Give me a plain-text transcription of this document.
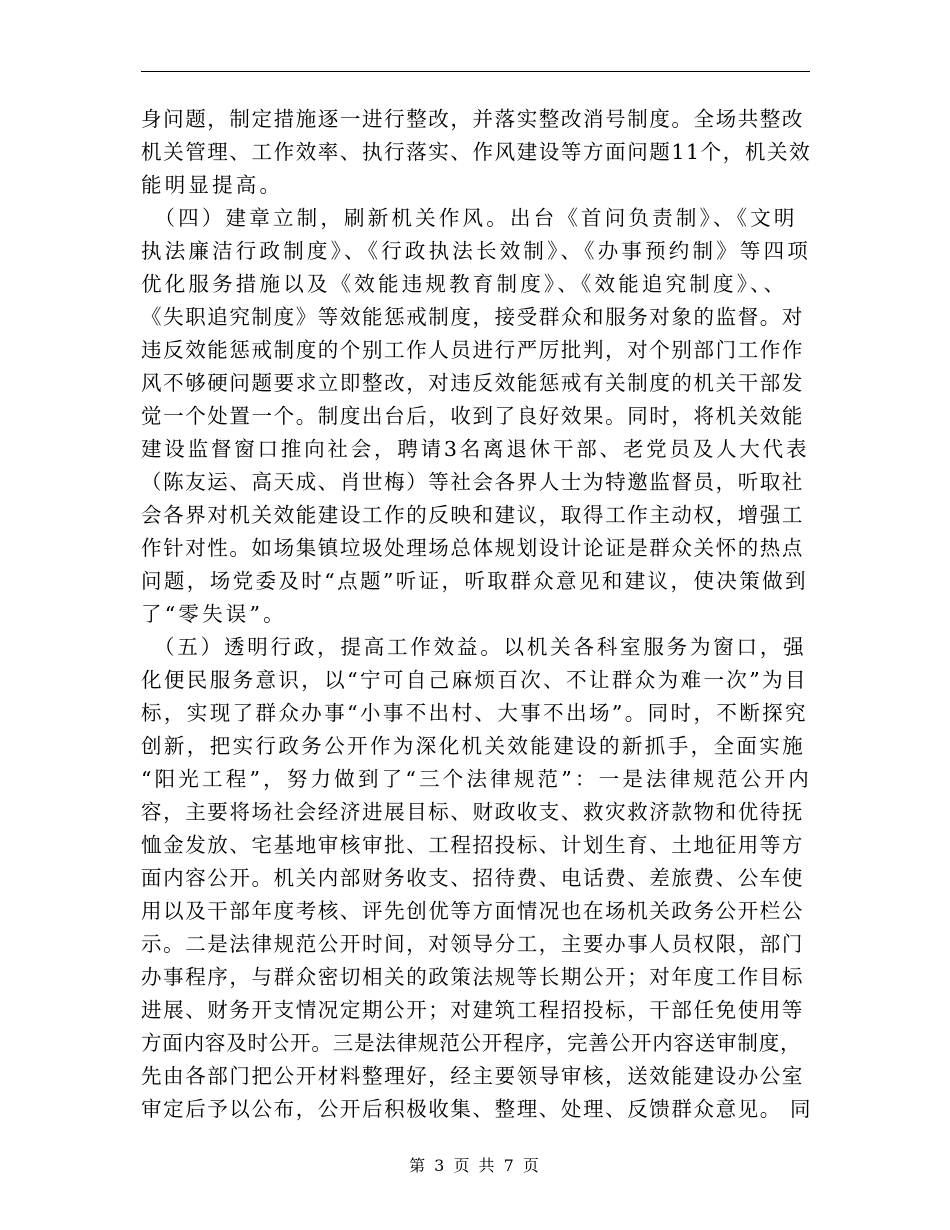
身问题，制定措施逐一进行整改，并落实整改消号制度。全场共整改
机关管理、工作效率、执行落实、作风建设等方面问题11个，机关效
能明显提高。
　（四）建章立制，刷新机关作风。出台《首问负责制》、《文明
执法廉洁行政制度》、《行政执法长效制》、《办事预约制》等四项
优化服务措施以及《效能违规教育制度》、《效能追究制度》、、
《失职追究制度》等效能惩戒制度，接受群众和服务对象的监督。对
违反效能惩戒制度的个别工作人员进行严厉批判，对个别部门工作作
风不够硬问题要求立即整改，对违反效能惩戒有关制度的机关干部发
觉一个处置一个。制度出台后，收到了良好效果。同时，将机关效能
建设监督窗口推向社会，聘请3名离退休干部、老党员及人大代表
（陈友运、高天成、肖世梅）等社会各界人士为特邀监督员，听取社
会各界对机关效能建设工作的反映和建议，取得工作主动权，增强工
作针对性。如场集镇垃圾处理场总体规划设计论证是群众关怀的热点
问题，场党委及时“点题”听证，听取群众意见和建议，使决策做到
了“零失误”。
　（五）透明行政，提高工作效益。以机关各科室服务为窗口，强
化便民服务意识，以“宁可自己麻烦百次、不让群众为难一次”为目
标，实现了群众办事“小事不出村、大事不出场”。同时，不断探究
创新，把实行政务公开作为深化机关效能建设的新抓手，全面实施
“阳光工程”，努力做到了“三个法律规范”：一是法律规范公开内
容，主要将场社会经济进展目标、财政收支、救灾救济款物和优待抚
恤金发放、宅基地审核审批、工程招投标、计划生育、土地征用等方
面内容公开。机关内部财务收支、招待费、电话费、差旅费、公车使
用以及干部年度考核、评先创优等方面情况也在场机关政务公开栏公
示。二是法律规范公开时间，对领导分工，主要办事人员权限，部门
办事程序，与群众密切相关的政策法规等长期公开；对年度工作目标
进展、财务开支情况定期公开；对建筑工程招投标，干部任免使用等
方面内容及时公开。三是法律规范公开程序，完善公开内容送审制度，
先由各部门把公开材料整理好，经主要领导审核，送效能建设办公室
审定后予以公布，公开后积极收集、整理、处理、反馈群众意见。 同
第 3 页 共 7 页
